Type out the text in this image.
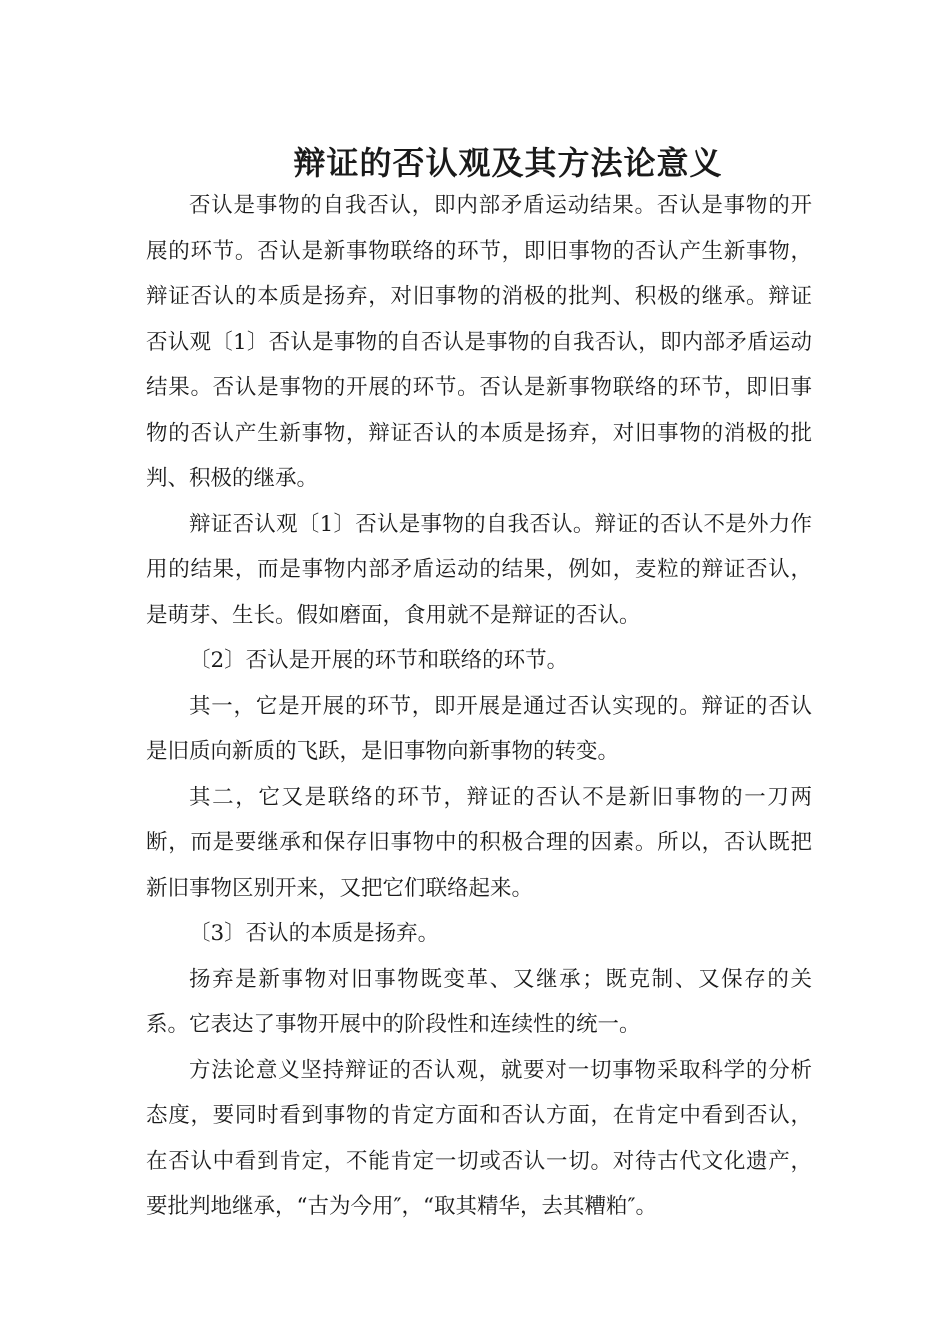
辩证的否认观及其方法论意义

否认是事物的自我否认，即内部矛盾运动结果。否认是事物的开展的环节。否认是新事物联络的环节，即旧事物的否认产生新事物，辩证否认的本质是扬弃，对旧事物的消极的批判、积极的继承。辩证否认观〔1〕否认是事物的自否认是事物的自我否认，即内部矛盾运动结果。否认是事物的开展的环节。否认是新事物联络的环节，即旧事物的否认产生新事物，辩证否认的本质是扬弃，对旧事物的消极的批判、积极的继承。

辩证否认观〔1〕否认是事物的自我否认。辩证的否认不是外力作用的结果，而是事物内部矛盾运动的结果，例如，麦粒的辩证否认，是萌芽、生长。假如磨面，食用就不是辩证的否认。

〔2〕否认是开展的环节和联络的环节。

其一，它是开展的环节，即开展是通过否认实现的。辩证的否认是旧质向新质的飞跃，是旧事物向新事物的转变。

其二，它又是联络的环节，辩证的否认不是新旧事物的一刀两断，而是要继承和保存旧事物中的积极合理的因素。所以，否认既把新旧事物区别开来，又把它们联络起来。

〔3〕否认的本质是扬弃。

扬弃是新事物对旧事物既变革、又继承；既克制、又保存的关系。它表达了事物开展中的阶段性和连续性的统一。

方法论意义坚持辩证的否认观，就要对一切事物采取科学的分析态度，要同时看到事物的肯定方面和否认方面，在肯定中看到否认，在否认中看到肯定，不能肯定一切或否认一切。对待古代文化遗产，要批判地继承，“古为今用″，“取其精华，去其糟粕″。
